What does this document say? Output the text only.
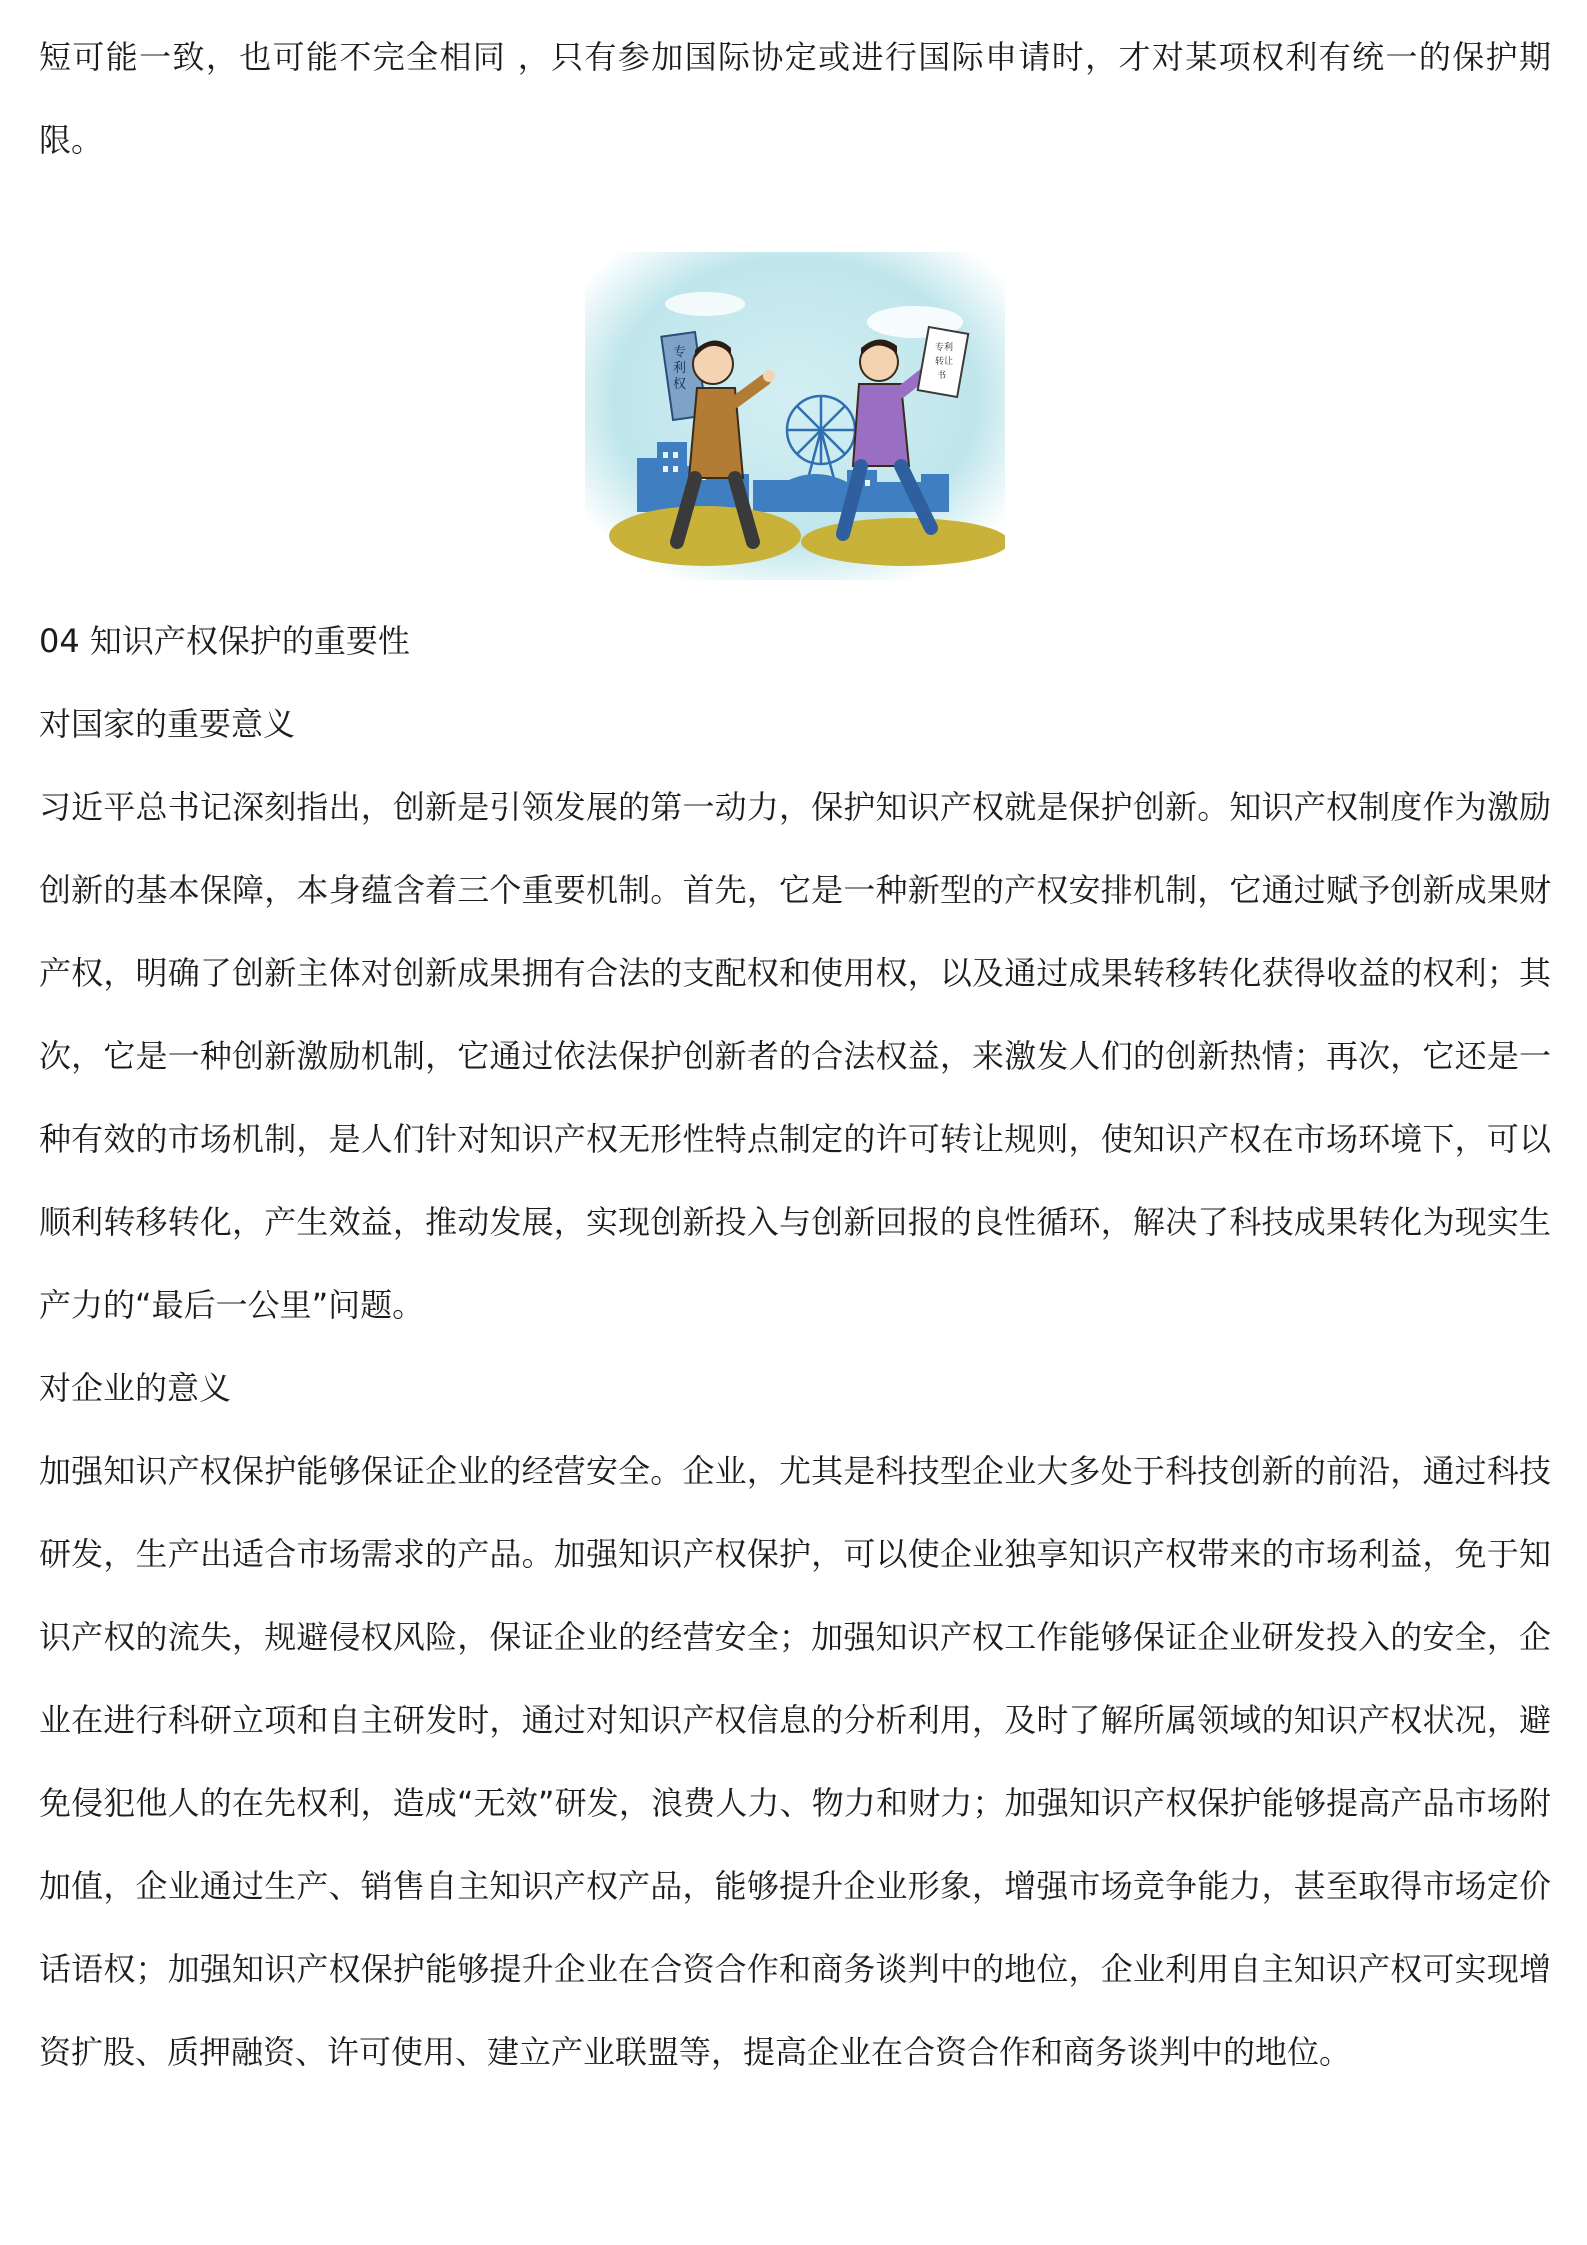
短可能一致，也可能不完全相同 ，只有参加国际协定或进行国际申请时，才对某项权利有统一的保护期限。

专
利
权
专利
转让
书

04 知识产权保护的重要性

对国家的重要意义

习近平总书记深刻指出，创新是引领发展的第一动力，保护知识产权就是保护创新。知识产权制度作为激励创新的基本保障，本身蕴含着三个重要机制。首先，它是一种新型的产权安排机制，它通过赋予创新成果财产权，明确了创新主体对创新成果拥有合法的支配权和使用权，以及通过成果转移转化获得收益的权利；其次，它是一种创新激励机制，它通过依法保护创新者的合法权益，来激发人们的创新热情；再次，它还是一种有效的市场机制，是人们针对知识产权无形性特点制定的许可转让规则，使知识产权在市场环境下，可以顺利转移转化，产生效益，推动发展，实现创新投入与创新回报的良性循环，解决了科技成果转化为现实生产力的“最后一公里”问题。

对企业的意义

加强知识产权保护能够保证企业的经营安全。企业，尤其是科技型企业大多处于科技创新的前沿，通过科技研发，生产出适合市场需求的产品。加强知识产权保护，可以使企业独享知识产权带来的市场利益，免于知识产权的流失，规避侵权风险，保证企业的经营安全；加强知识产权工作能够保证企业研发投入的安全，企业在进行科研立项和自主研发时，通过对知识产权信息的分析利用，及时了解所属领域的知识产权状况，避免侵犯他人的在先权利，造成“无效”研发，浪费人力、物力和财力；加强知识产权保护能够提高产品市场附加值，企业通过生产、销售自主知识产权产品，能够提升企业形象，增强市场竞争能力，甚至取得市场定价话语权；加强知识产权保护能够提升企业在合资合作和商务谈判中的地位，企业利用自主知识产权可实现增资扩股、质押融资、许可使用、建立产业联盟等，提高企业在合资合作和商务谈判中的地位。
